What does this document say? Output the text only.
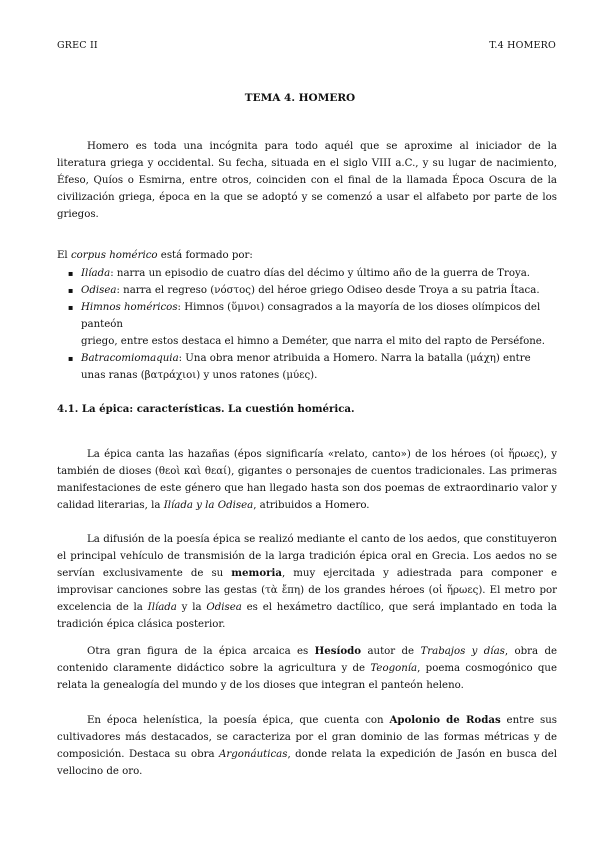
GREC II	T.4 HOMERO
TEMA 4. HOMERO

Homero es toda una incógnita para todo aquél que se aproxime al iniciador de la literatura griega y occidental. Su fecha, situada en el siglo VIII a.C., y su lugar de nacimiento, Éfeso, Quíos o Esmirna, entre otros, coinciden con el final de la llamada Época Oscura de la civilización griega, época en la que se adoptó y se comenzó a usar el alfabeto por parte de los griegos.

El corpus homérico está formado por:

▪ Ilíada: narra un episodio de cuatro días del décimo y último año de la guerra de Troya.
▪ Odisea: narra el regreso (νόστος) del héroe griego Odiseo desde Troya a su patria Ítaca.
▪ Himnos homéricos: Himnos (ὕμνοι) consagrados a la mayoría de los dioses olímpicos del panteón
griego, entre estos destaca el himno a Deméter, que narra el mito del rapto de Perséfone.
▪ Batracomiomaquia: Una obra menor atribuida a Homero. Narra la batalla (μάχη) entre unas ranas (βατράχιοι) y unos ratones (μύες).
4.1. La épica: características. La cuestión homérica.

La épica canta las hazañas (épos significaría «relato, canto») de los héroes (οἱ ἥρωες), y también de dioses (θεοὶ καὶ θεαί), gigantes o personajes de cuentos tradicionales. Las primeras manifestaciones de este género que han llegado hasta son dos poemas de extraordinario valor y calidad literarias, la Ilíada y la Odisea, atribuidos a Homero.

La difusión de la poesía épica se realizó mediante el canto de los aedos, que constituyeron el principal vehículo de transmisión de la larga tradición épica oral en Grecia. Los aedos no se servían exclusivamente de su memoria, muy ejercitada y adiestrada para componer e improvisar canciones sobre las gestas (τὰ ἔπη) de los grandes héroes (οἱ ἥρωες). El metro por excelencia de la Ilíada y la Odisea es el hexámetro dactílico, que será implantado en toda la tradición épica clásica posterior.

Otra gran figura de la épica arcaica es Hesíodo autor de Trabajos y días, obra de contenido claramente didáctico sobre la agricultura y de Teogonía, poema cosmogónico que relata la genealogía del mundo y de los dioses que integran el panteón heleno.

En época helenística, la poesía épica, que cuenta con Apolonio de Rodas entre sus cultivadores más destacados, se caracteriza por el gran dominio de las formas métricas y de composición. Destaca su obra Argonáuticas, donde relata la expedición de Jasón en busca del vellocino de oro.
